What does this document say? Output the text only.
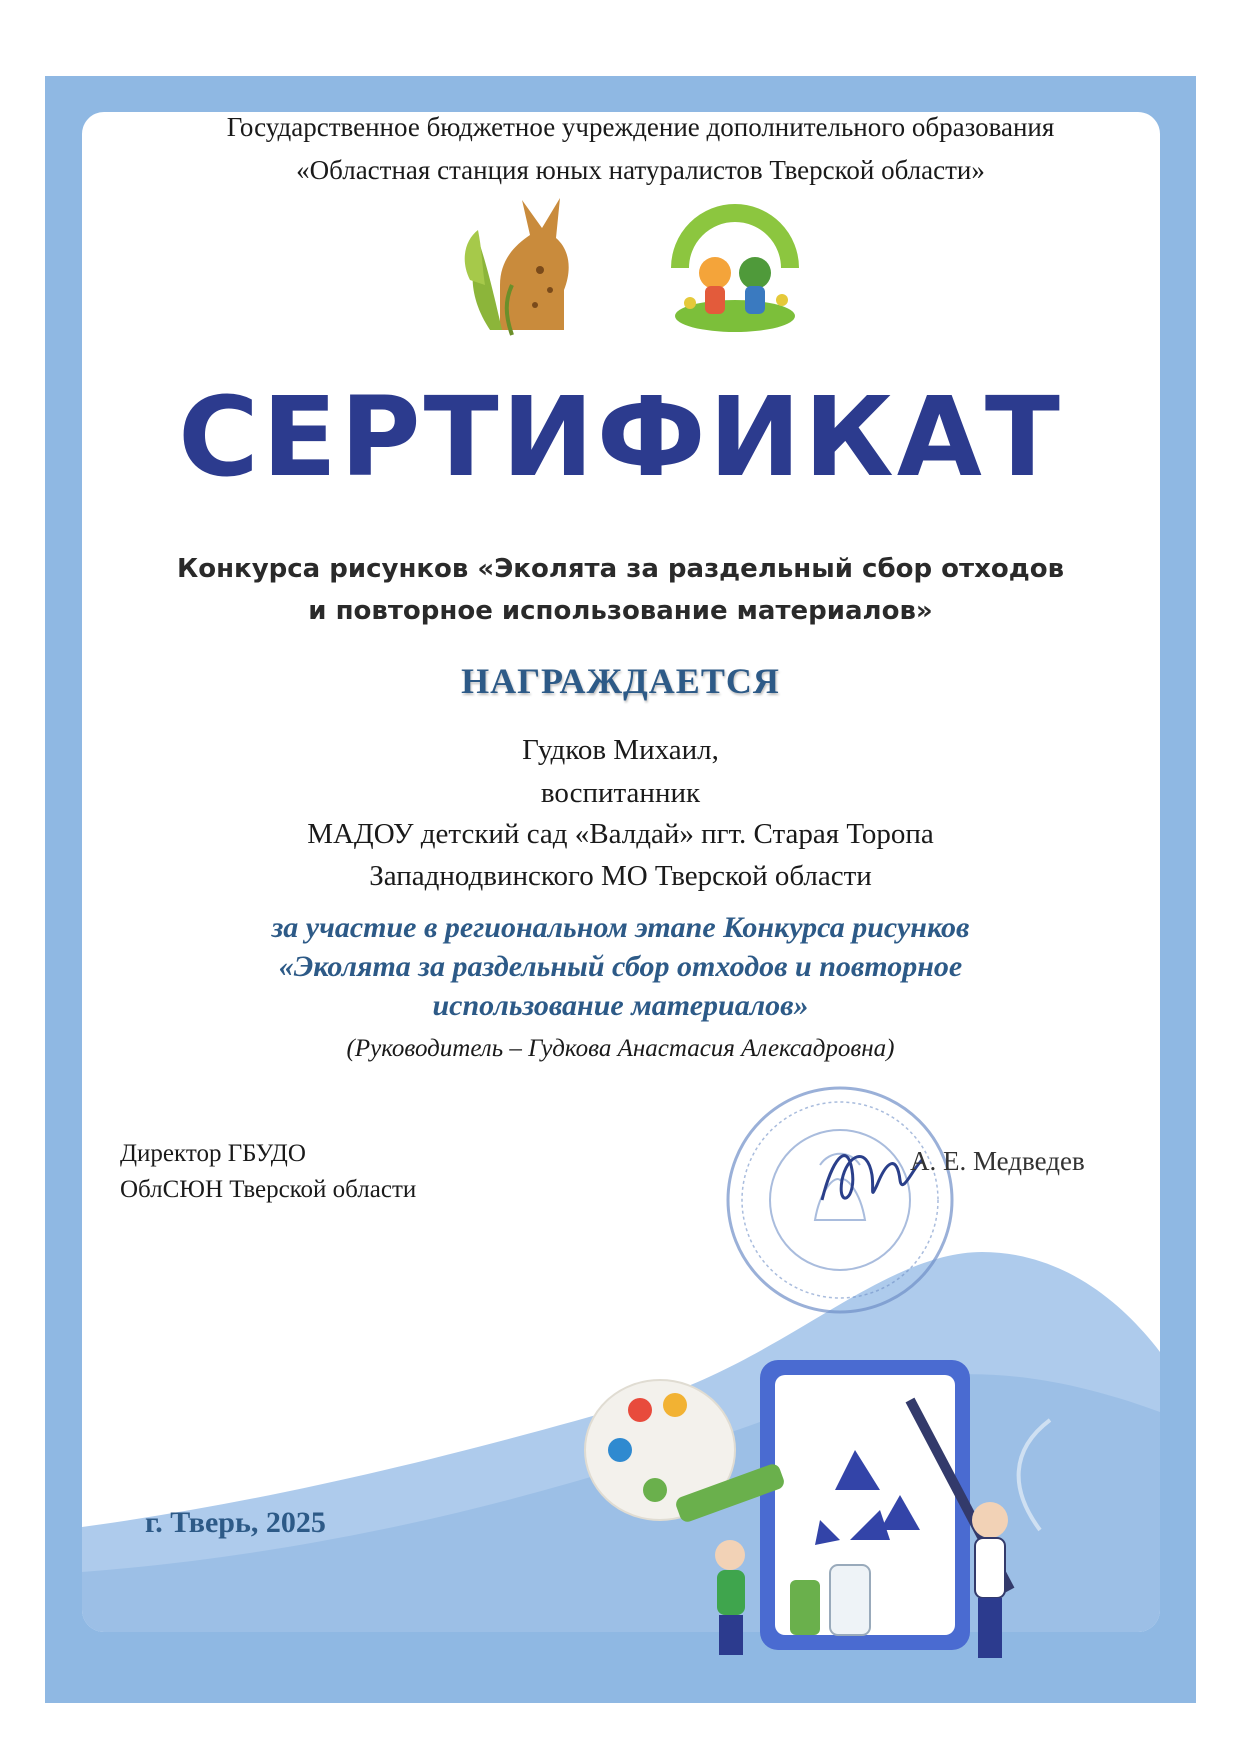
Государственное бюджетное учреждение дополнительного образования

«Областная станция юных натуралистов Тверской области»

СЕРТИФИКАТ

Конкурса рисунков «Эколята за раздельный сбор отходов

и повторное использование материалов»

НАГРАЖДАЕТСЯ

Гудков Михаил,

воспитанник

МАДОУ детский сад «Валдай» пгт. Старая Торопа

Западнодвинского МО Тверской области

за участие в региональном этапе Конкурса рисунков

«Эколята за раздельный сбор отходов и повторное

использование материалов»

(Руководитель – Гудкова Анастасия Алексадровна)

Директор ГБУДО

ОблСЮН Тверской области

А. Е. Медведев

г. Тверь, 2025
